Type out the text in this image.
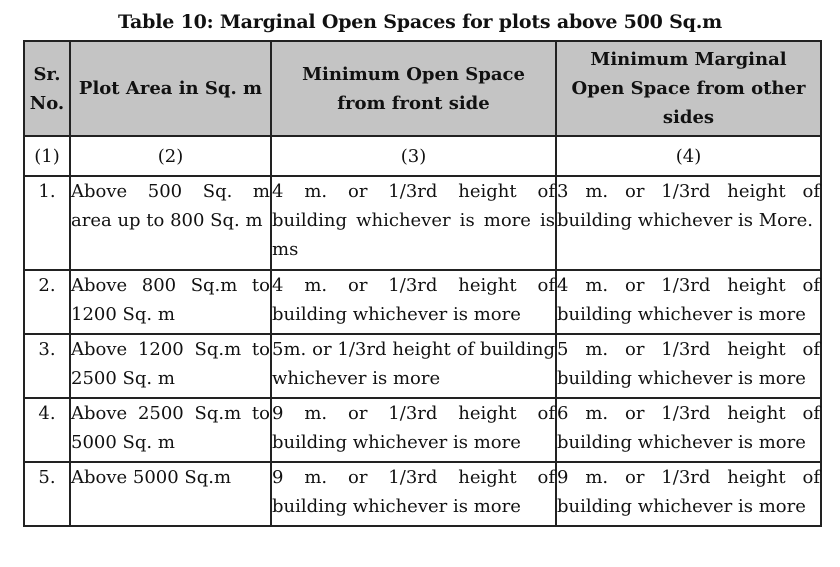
Table 10: Marginal Open Spaces for plots above 500 Sq.m
Sr. No.	Plot Area in Sq. m	Minimum Open Space from front side	Minimum Marginal Open Space from other sides
(1)	(2)	(3)	(4)
1.	Above 500 Sq. m area up to 800 Sq. m	4 m. or 1/3rd height of building whichever is more is ms	3 m. or 1/3rd height of building whichever is More.
2.	Above 800 Sq.m to 1200 Sq. m	4 m. or 1/3rd height of building whichever is more	4 m. or 1/3rd height of building whichever is more
3.	Above 1200 Sq.m to 2500 Sq. m	5m. or 1/3rd height of building whichever is more	5 m. or 1/3rd height of building whichever is more
4.	Above 2500 Sq.m to 5000 Sq. m	9 m. or 1/3rd height of building whichever is more	6 m. or 1/3rd height of building whichever is more
5.	Above 5000 Sq.m	9 m. or 1/3rd height of building whichever is more	9 m. or 1/3rd height of building whichever is more
